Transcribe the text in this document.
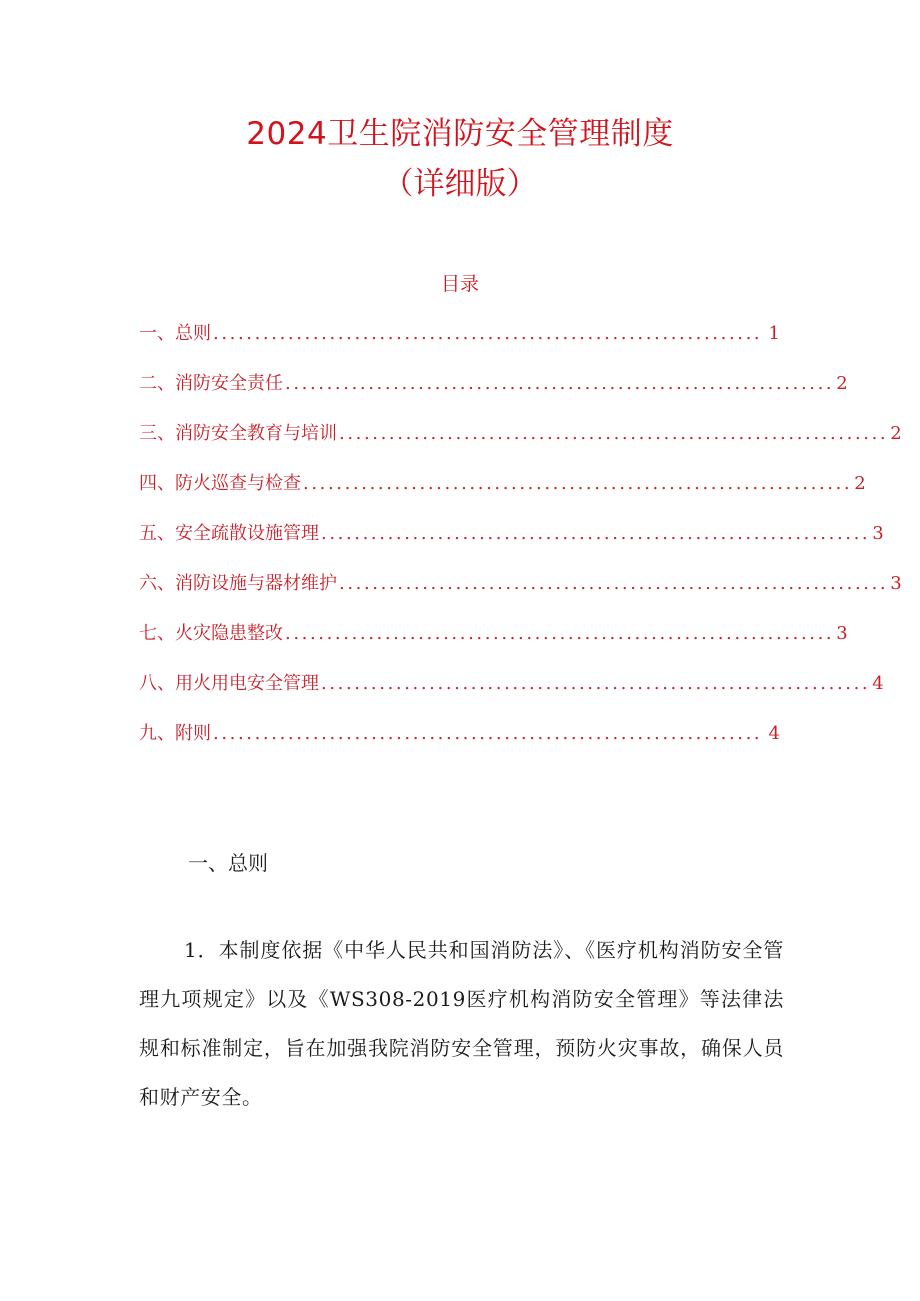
2024卫生院消防安全管理制度
（详细版）
目录
一、总则 .................................................................. 1
二、消防安全责任 .................................................................. 2
三、消防安全教育与培训 .................................................................. 2
四、防火巡查与检查 .................................................................. 2
五、安全疏散设施管理 .................................................................. 3
六、消防设施与器材维护 .................................................................. 3
七、火灾隐患整改 .................................................................. 3
八、用火用电安全管理 .................................................................. 4
九、附则 .................................................................. 4
一、总则
1．本制度依据《中华人民共和国消防法》、《医疗机构消防安全管理九项规定》以及《WS308-2019医疗机构消防安全管理》等法律法规和标准制定，旨在加强我院消防安全管理，预防火灾事故，确保人员和财产安全。
